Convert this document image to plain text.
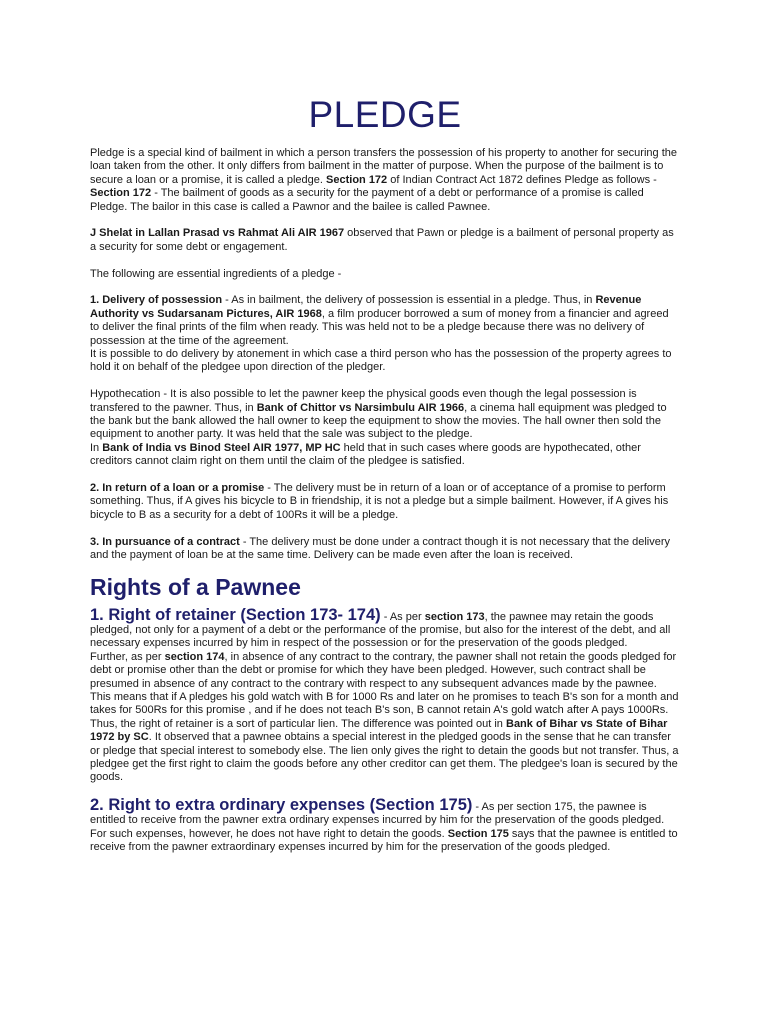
PLEDGE

Pledge is a special kind of bailment in which a person transfers the possession of his property to another for securing the loan taken from the other. It only differs from bailment in the matter of purpose. When the purpose of the bailment is to secure a loan or a promise, it is called a pledge. Section 172 of Indian Contract Act 1872 defines Pledge as follows -

Section 172 - The bailment of goods as a security for the payment of a debt or performance of a promise is called Pledge. The bailor in this case is called a Pawnor and the bailee is called Pawnee.

J Shelat in Lallan Prasad vs Rahmat Ali AIR 1967 observed that Pawn or pledge is a bailment of personal property as a security for some debt or engagement.

The following are essential ingredients of a pledge -

1. Delivery of possession - As in bailment, the delivery of possession is essential in a pledge. Thus, in Revenue Authority vs Sudarsanam Pictures, AIR 1968, a film producer borrowed a sum of money from a financier and agreed to deliver the final prints of the film when ready. This was held not to be a pledge because there was no delivery of possession at the time of the agreement.

It is possible to do delivery by atonement in which case a third person who has the possession of the property agrees to hold it on behalf of the pledgee upon direction of the pledger.

Hypothecation - It is also possible to let the pawner keep the physical goods even though the legal possession is transfered to the pawner. Thus, in Bank of Chittor vs Narsimbulu AIR 1966, a cinema hall equipment was pledged to the bank but the bank allowed the hall owner to keep the equipment to show the movies. The hall owner then sold the equipment to another party. It was held that the sale was subject to the pledge.

In Bank of India vs Binod Steel AIR 1977, MP HC held that in such cases where goods are hypothecated, other creditors cannot claim right on them until the claim of the pledgee is satisfied.

2. In return of a loan or a promise - The delivery must be in return of a loan or of acceptance of a promise to perform something. Thus, if A gives his bicycle to B in friendship, it is not a pledge but a simple bailment. However, if A gives his bicycle to B as a security for a debt of 100Rs it will be a pledge.

3. In pursuance of a contract - The delivery must be done under a contract though it is not necessary that the delivery and the payment of loan be at the same time. Delivery can be made even after the loan is received.

Rights of a Pawnee

1. Right of retainer (Section 173- 174) - As per section 173, the pawnee may retain the goods pledged, not only for a payment of a debt or the performance of the promise, but also for the interest of the debt, and all necessary expenses incurred by him in respect of the possession or for the preservation of the goods pledged.

Further, as per section 174, in absence of any contract to the contrary, the pawner shall not retain the goods pledged for debt or promise other than the debt or promise for which they have been pledged. However, such contract shall be presumed in absence of any contract to the contrary with respect to any subsequent advances made by the pawnee.

This means that if A pledges his gold watch with B for 1000 Rs and later on he promises to teach B's son for a month and takes for 500Rs for this promise , and if he does not teach B's son, B cannot retain A's gold watch after A pays 1000Rs. Thus, the right of retainer is a sort of particular lien. The difference was pointed out in Bank of Bihar vs State of Bihar 1972 by SC. It observed that a pawnee obtains a special interest in the pledged goods in the sense that he can transfer or pledge that special interest to somebody else. The lien only gives the right to detain the goods but not transfer. Thus, a pledgee get the first right to claim the goods before any other creditor can get them. The pledgee's loan is secured by the goods.

2. Right to extra ordinary expenses (Section 175) - As per section 175, the pawnee is entitled to receive from the pawner extra ordinary expenses incurred by him for the preservation of the goods pledged. For such expenses, however, he does not have right to detain the goods. Section 175 says that the pawnee is entitled to receive from the pawner extraordinary expenses incurred by him for the preservation of the goods pledged.
